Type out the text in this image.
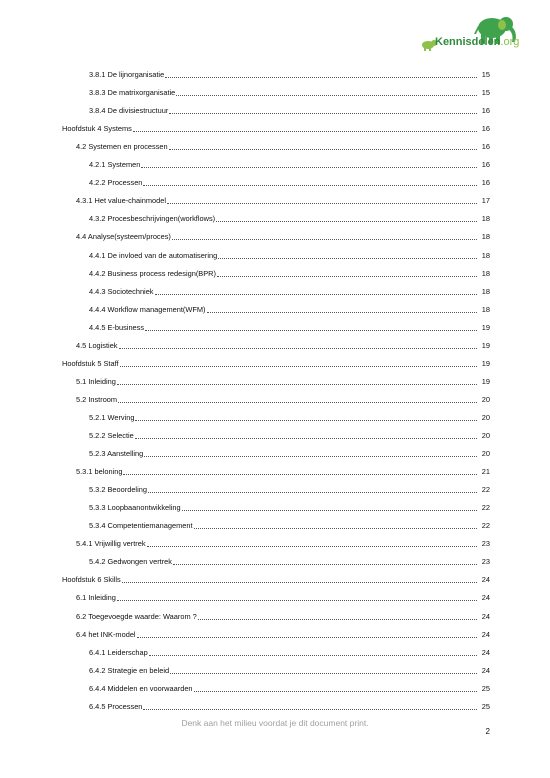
Kennisdelen.org
3.8.1 De lijnorganisatie	15
3.8.3 De matrixorganisatie	15
3.8.4 De divisiestructuur	16
Hoofdstuk 4 Systems	16
4.2 Systemen en processen	16
4.2.1 Systemen	16
4.2.2 Processen	16
4.3.1 Het value-chainmodel	17
4.3.2 Procesbeschrijvingen(workflows)	18
4.4 Analyse(systeem/proces)	18
4.4.1 De invloed van de automatisering	18
4.4.2 Business process redesign(BPR)	18
4.4.3 Sociotechniek	18
4.4.4 Workflow management(WFM)	18
4.4.5 E-business	19
4.5 Logistiek	19
Hoofdstuk 5 Staff	19
5.1 Inleiding	19
5.2 Instroom	20
5.2.1 Werving	20
5.2.2 Selectie	20
5.2.3 Aanstelling	20
5.3.1 beloning	21
5.3.2 Beoordeling	22
5.3.3 Loopbaanontwikkeling	22
5.3.4 Competentiemanagement	22
5.4.1 Vrijwillig vertrek	23
5.4.2 Gedwongen vertrek	23
Hoofdstuk 6 Skills	24
6.1 Inleiding	24
6.2 Toegevoegde waarde: Waarom ?	24
6.4 het INK-model	24
6.4.1 Leiderschap	24
6.4.2 Strategie en beleid	24
6.4.4 Middelen en voorwaarden	25
6.4.5 Processen	25
Denk aan het milieu voordat je dit document print.
2
